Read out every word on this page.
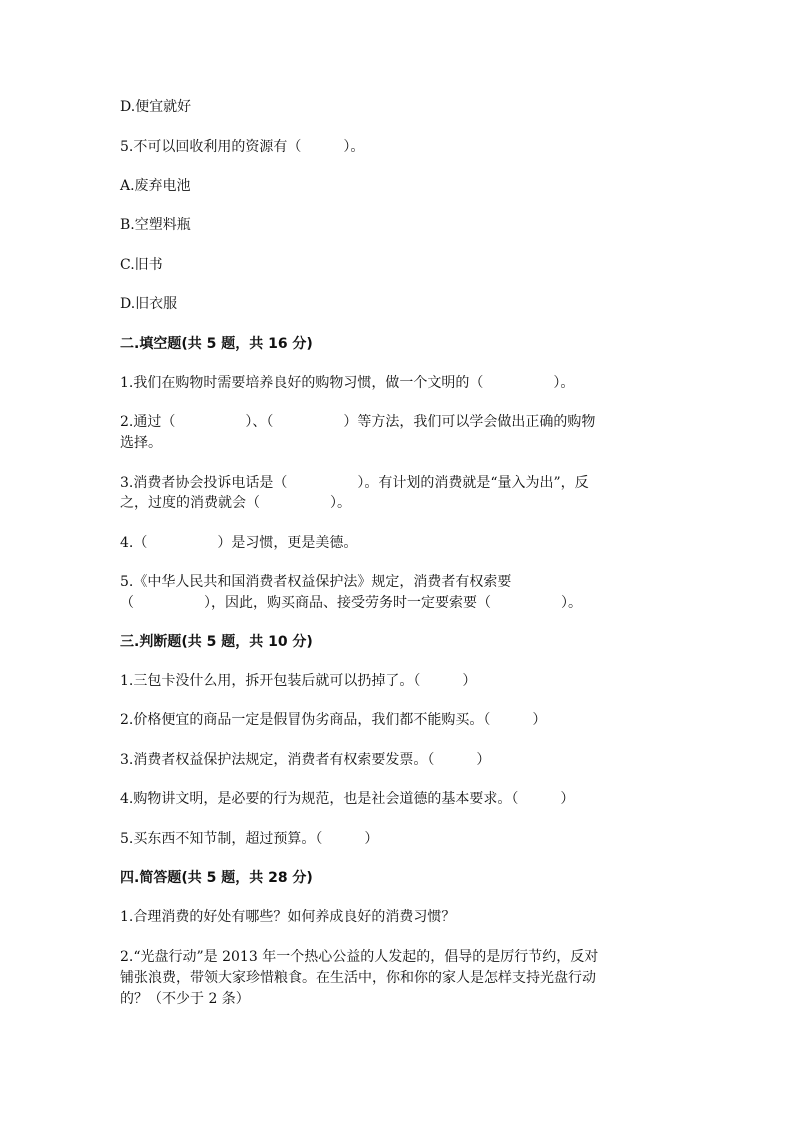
D.便宜就好
5.不可以回收利用的资源有（　　　）。
A.废弃电池
B.空塑料瓶
C.旧书
D.旧衣服
二.填空题(共 5 题，共 16 分)
1.我们在购物时需要培养良好的购物习惯，做一个文明的（　　　　　）。
2.通过（　　　　　）、（　　　　　）等方法，我们可以学会做出正确的购物
选择。
3.消费者协会投诉电话是（　　　　　）。有计划的消费就是“量入为出”，反
之，过度的消费就会（　　　　　）。
4.（　　　　　）是习惯，更是美德。
5.《中华人民共和国消费者权益保护法》规定，消费者有权索要
（　　　　　），因此，购买商品、接受劳务时一定要索要（　　　　　）。
三.判断题(共 5 题，共 10 分)
1.三包卡没什么用，拆开包装后就可以扔掉了。（　　　）
2.价格便宜的商品一定是假冒伪劣商品，我们都不能购买。（　　　）
3.消费者权益保护法规定，消费者有权索要发票。（　　　）
4.购物讲文明，是必要的行为规范，也是社会道德的基本要求。（　　　）
5.买东西不知节制，超过预算。（　　　）
四.简答题(共 5 题，共 28 分)
1.合理消费的好处有哪些？如何养成良好的消费习惯？
2.“光盘行动”是 2013 年一个热心公益的人发起的，倡导的是厉行节约，反对
铺张浪费，带领大家珍惜粮食。在生活中，你和你的家人是怎样支持光盘行动
的？（不少于 2 条）
